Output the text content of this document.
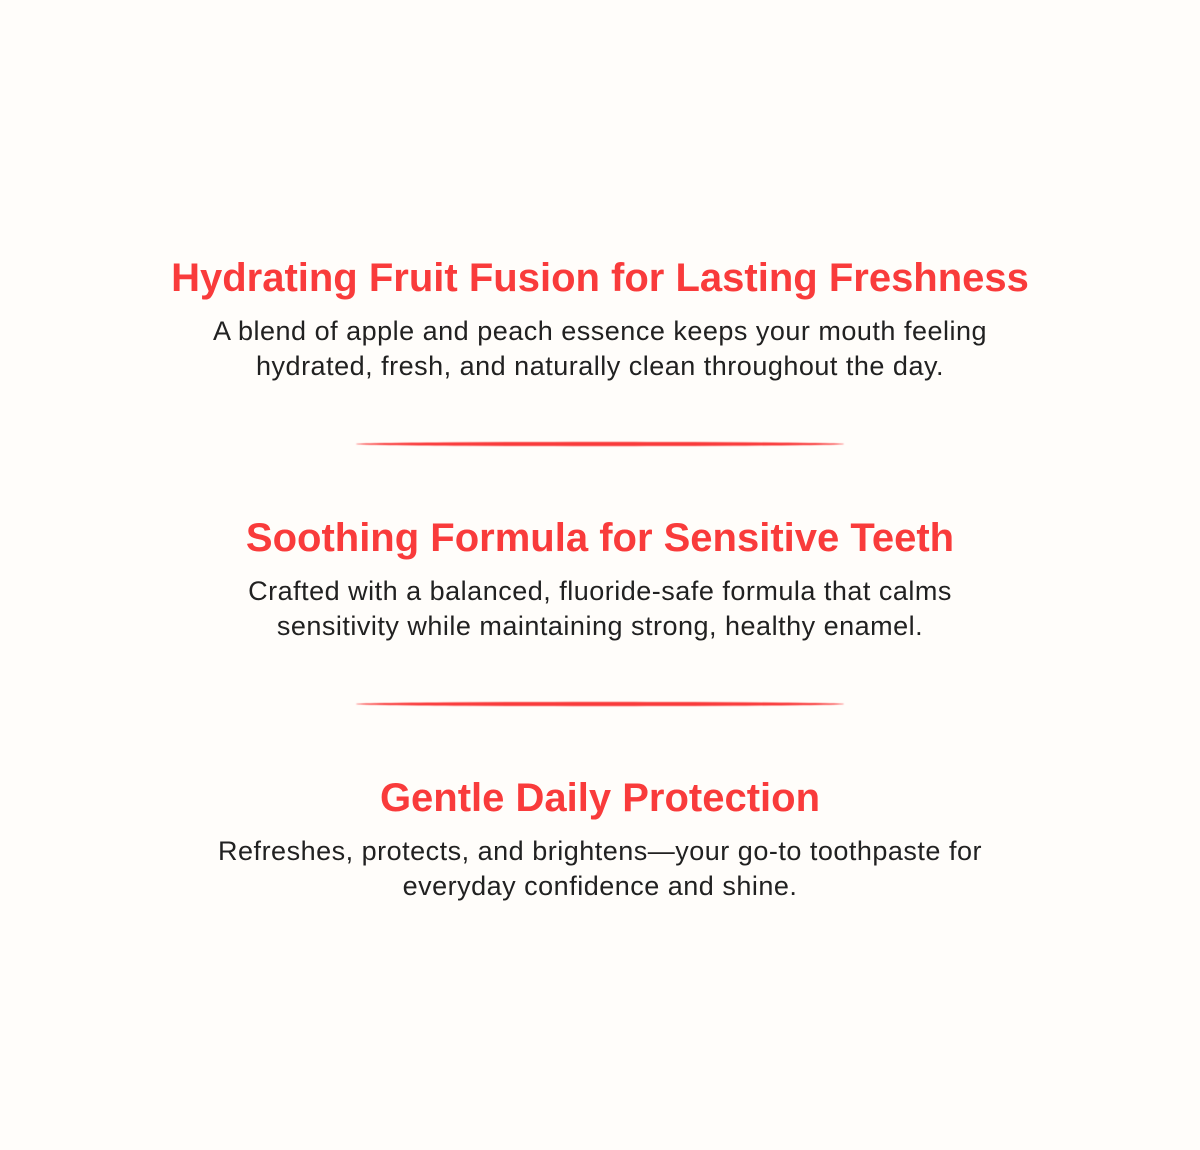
Hydrating Fruit Fusion for Lasting Freshness

A blend of apple and peach essence keeps your mouth feeling
hydrated, fresh, and naturally clean throughout the day.

Soothing Formula for Sensitive Teeth

Crafted with a balanced, fluoride-safe formula that calms
sensitivity while maintaining strong, healthy enamel.

Gentle Daily Protection

Refreshes, protects, and brightens—your go-to toothpaste for
everyday confidence and shine.
